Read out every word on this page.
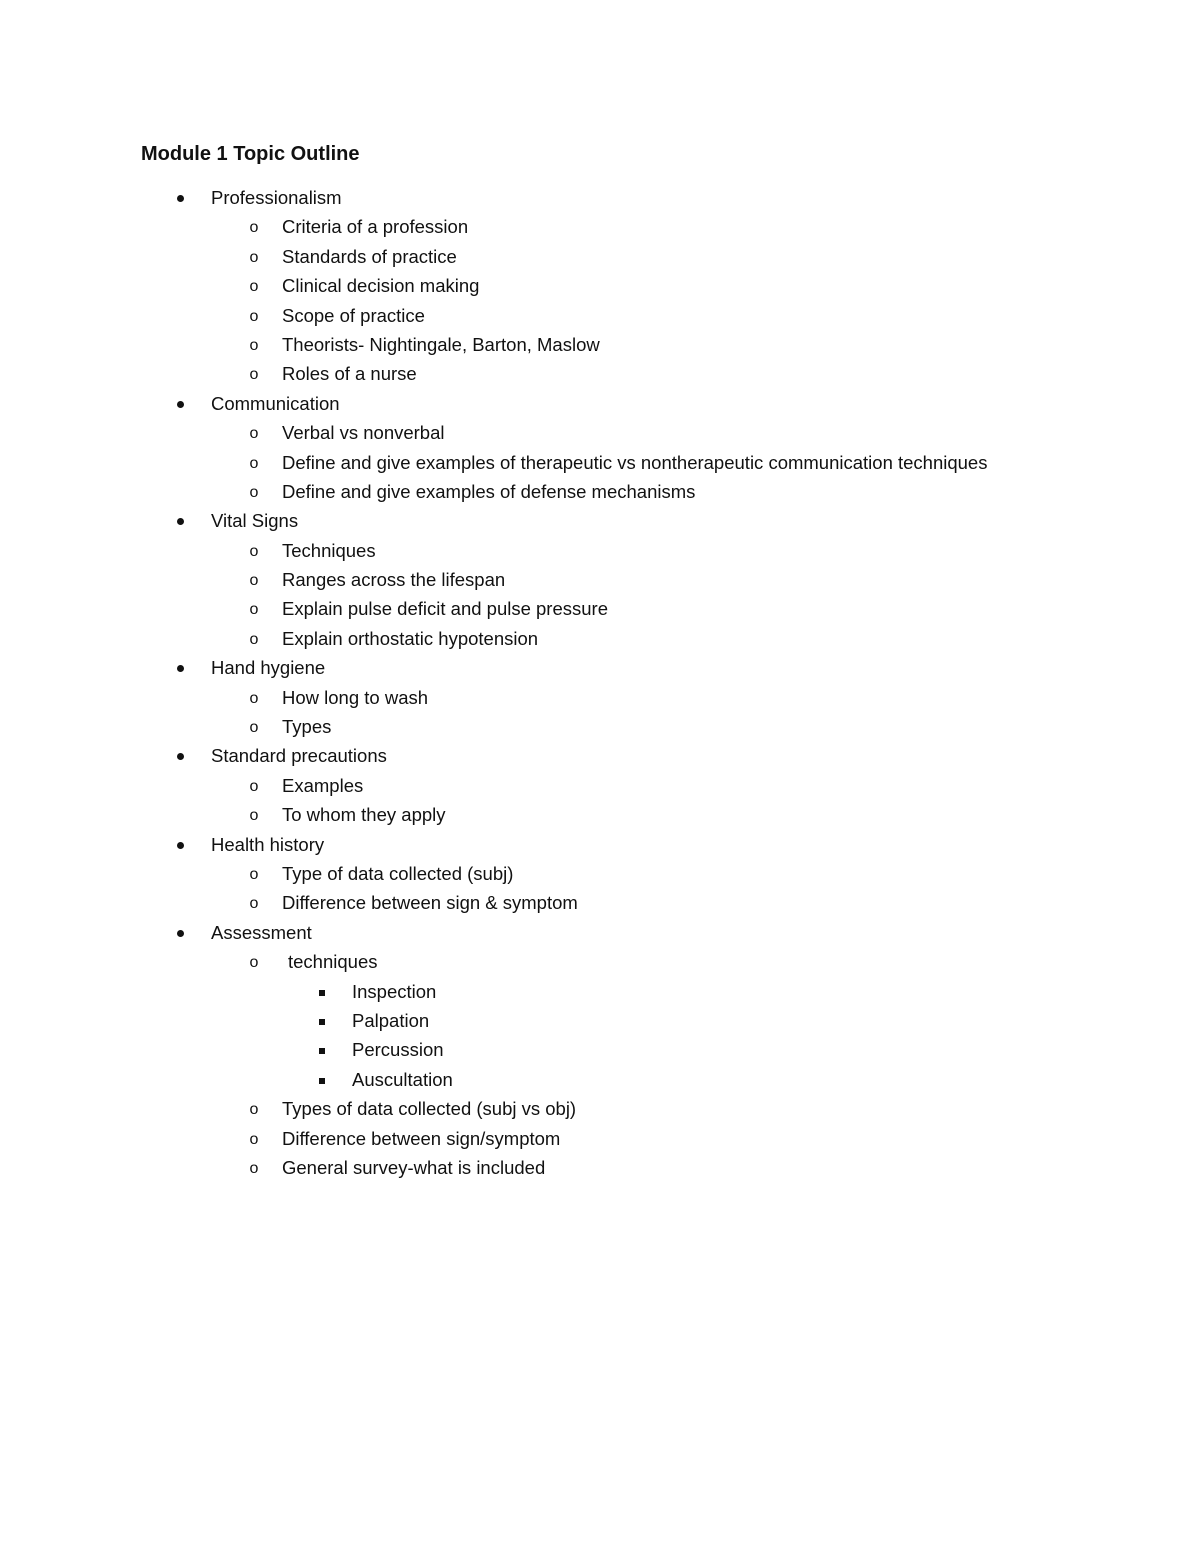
Module 1 Topic Outline
Professionalism
o Criteria of a profession
o Standards of practice
o Clinical decision making
o Scope of practice
o Theorists- Nightingale, Barton, Maslow
o Roles of a nurse
Communication
o Verbal vs nonverbal
o Define and give examples of therapeutic vs nontherapeutic communication techniques
o Define and give examples of defense mechanisms
Vital Signs
o Techniques
o Ranges across the lifespan
o Explain pulse deficit and pulse pressure
o Explain orthostatic hypotension
Hand hygiene
o How long to wash
o Types
Standard precautions
o Examples
o To whom they apply
Health history
o Type of data collected (subj)
o Difference between sign & symptom
Assessment
o techniques
Inspection
Palpation
Percussion
Auscultation
o Types of data collected (subj vs obj)
o Difference between sign/symptom
o General survey-what is included
